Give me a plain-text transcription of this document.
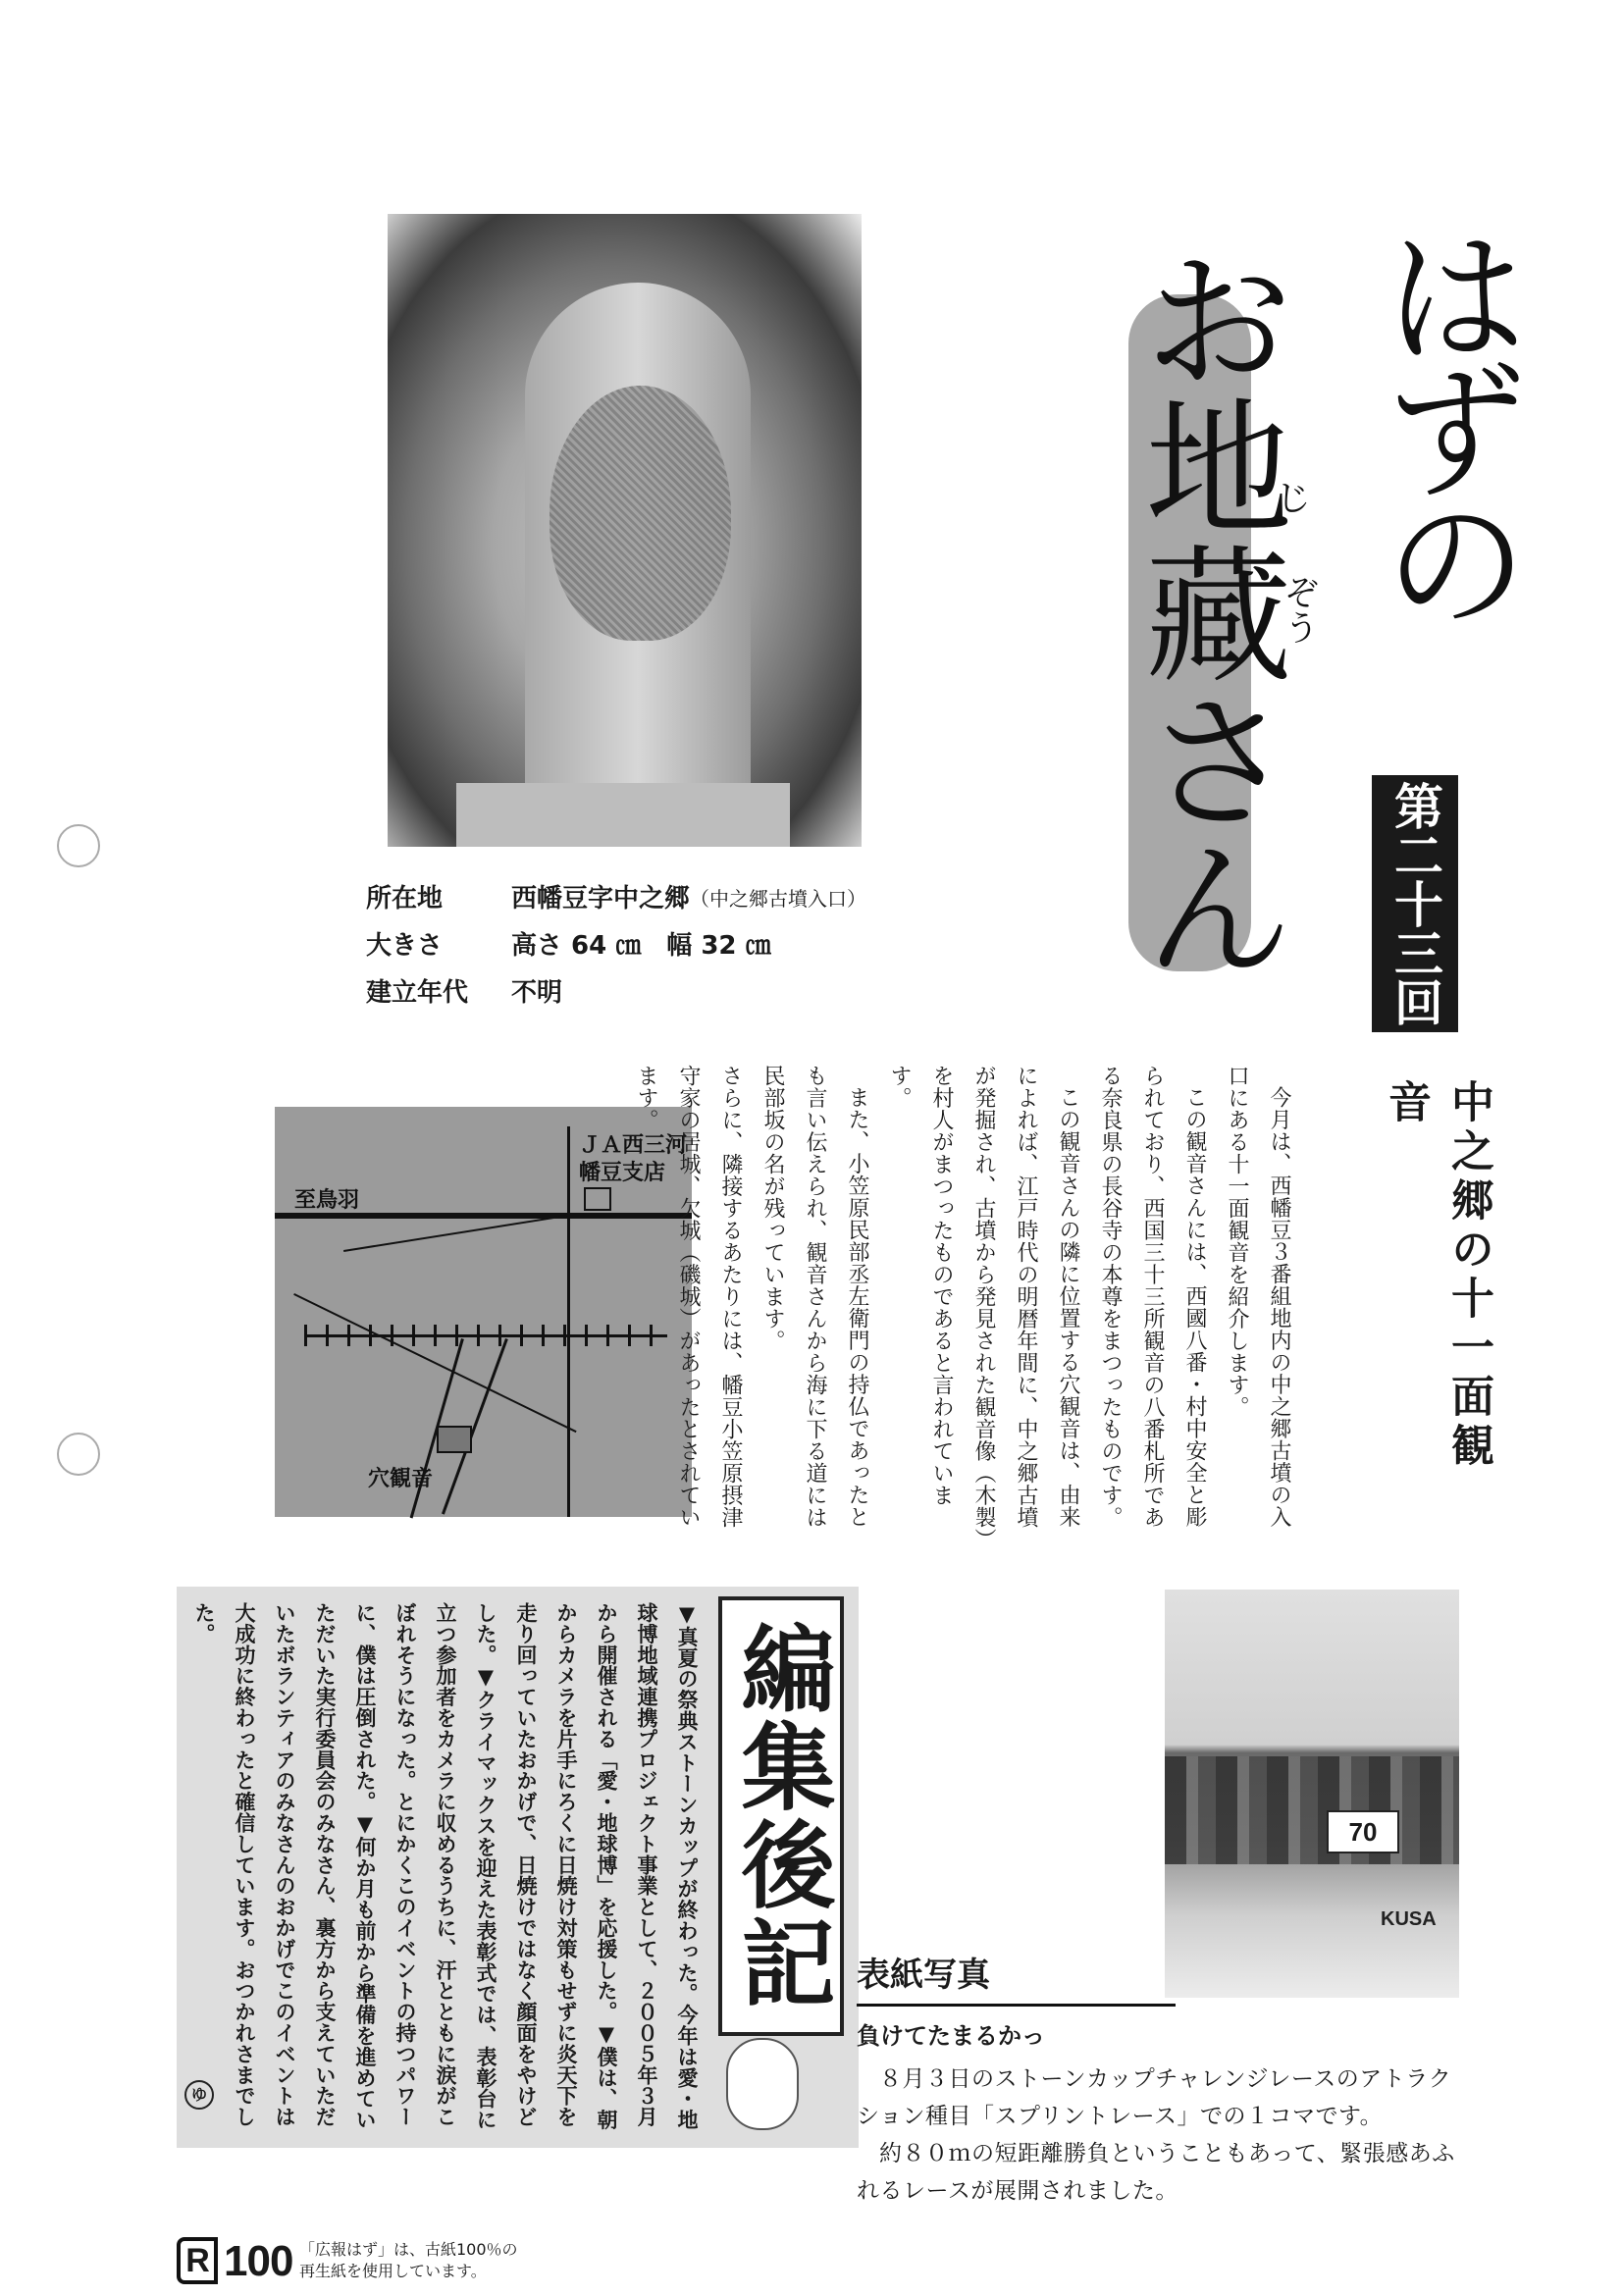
はずの
お
地
藏
さ
ん
じ
ぞう
第二十三回
所在地	西幡豆字中之郷 （中之郷古墳入口）
大きさ	高さ 64 ㎝　幅 32 ㎝
建立年代	不明
ＪＡ西三河
幡豆支店
至鳥羽
穴観音
中之郷の十一面観音

今月は、西幡豆３番組地内の中之郷古墳の入口にある十一面観音を紹介します。

この観音さんには、西國八番・村中安全と彫られており、西国三十三所観音の八番札所である奈良県の長谷寺の本尊をまつったものです。

この観音さんの隣に位置する穴観音は、由来によれば、江戸時代の明暦年間に、中之郷古墳が発掘され、古墳から発見された観音像（木製）を村人がまつったものであると言われています。

また、小笠原民部丞左衛門の持仏であったとも言い伝えられ、観音さんから海に下る道には民部坂の名が残っています。

さらに、隣接するあたりには、幡豆小笠原摂津守家の居城、欠城（磯城）があったとされています。

編集後記
▼真夏の祭典ストーンカップが終わった。今年は愛・地球博地域連携プロジェクト事業として、２００５年３月から開催される「愛・地球博」を応援した。▼僕は、朝からカメラを片手にろくに日焼け対策もせずに炎天下を走り回っていたおかげで、日焼けではなく顔面をやけどした。▼クライマックスを迎えた表彰式では、表彰台に立つ参加者をカメラに収めるうちに、汗とともに涙がこぼれそうになった。とにかくこのイベントの持つパワーに、僕は圧倒された。▼何か月も前から準備を進めていただいた実行委員会のみなさん、裏方から支えていただいたボランティアのみなさんのおかげでこのイベントは大成功に終わったと確信しています。おつかれさまでした。
ゆ
70
KUSA
表紙写真
負けてたまるかっ

８月３日のストーンカップチャレンジレースのアトラクション種目「スプリントレース」での１コマです。

約８０ｍの短距離勝負ということもあって、緊張感あふれるレースが展開されました。

R 100 「広報はず」は、古紙100％の
再生紙を使用しています。
